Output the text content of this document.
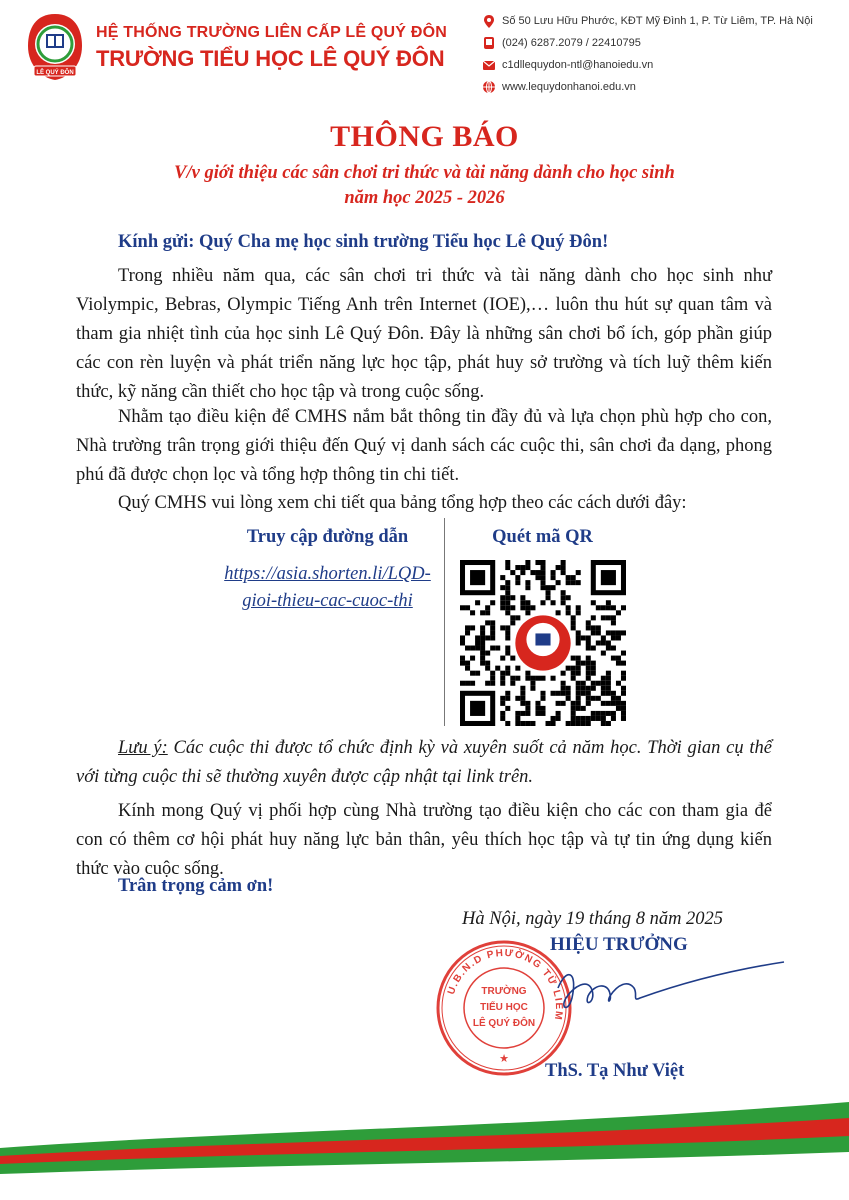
LÊ QUÝ ĐÔN
HỆ THỐNG TRƯỜNG LIÊN CẤP LÊ QUÝ ĐÔN
TRƯỜNG TIỂU HỌC LÊ QUÝ ĐÔN
Số 50 Lưu Hữu Phước, KĐT Mỹ Đình 1, P. Từ Liêm, TP. Hà Nội
(024) 6287.2079 / 22410795
c1dllequydon-ntl@hanoiedu.vn
www.lequydonhanoi.edu.vn
THÔNG BÁO
V/v giới thiệu các sân chơi tri thức và tài năng dành cho học sinh
năm học 2025 - 2026
Kính gửi: Quý Cha mẹ học sinh trường Tiểu học Lê Quý Đôn!
Trong nhiều năm qua, các sân chơi tri thức và tài năng dành cho học sinh như Violympic, Bebras, Olympic Tiếng Anh trên Internet (IOE),… luôn thu hút sự quan tâm và tham gia nhiệt tình của học sinh Lê Quý Đôn. Đây là những sân chơi bổ ích, góp phần giúp các con rèn luyện và phát triển năng lực học tập, phát huy sở trường và tích luỹ thêm kiến thức, kỹ năng cần thiết cho học tập và trong cuộc sống.
Nhằm tạo điều kiện để CMHS nắm bắt thông tin đầy đủ và lựa chọn phù hợp cho con, Nhà trường trân trọng giới thiệu đến Quý vị danh sách các cuộc thi, sân chơi đa dạng, phong phú đã được chọn lọc và tổng hợp thông tin chi tiết.
Quý CMHS vui lòng xem chi tiết qua bảng tổng hợp theo các cách dưới đây:
Truy cập đường dẫn	Quét mã QR
https://asia.shorten.li/LQD-
gioi-thieu-cac-cuoc-thi
Lưu ý: Các cuộc thi được tổ chức định kỳ và xuyên suốt cả năm học. Thời gian cụ thể với từng cuộc thi sẽ thường xuyên được cập nhật tại link trên.
Kính mong Quý vị phối hợp cùng Nhà trường tạo điều kiện cho các con tham gia để con có thêm cơ hội phát huy năng lực bản thân, yêu thích học tập và tự tin ứng dụng kiến thức vào cuộc sống.
Trân trọng cảm ơn!
Hà Nội, ngày 19 tháng 8 năm 2025
U.B.N.D PHƯỜNG TỪ LIÊM
TRƯỜNG
TIỂU HỌC
LÊ QUÝ ĐÔN
★
HIỆU TRƯỞNG
ThS. Tạ Như Việt
